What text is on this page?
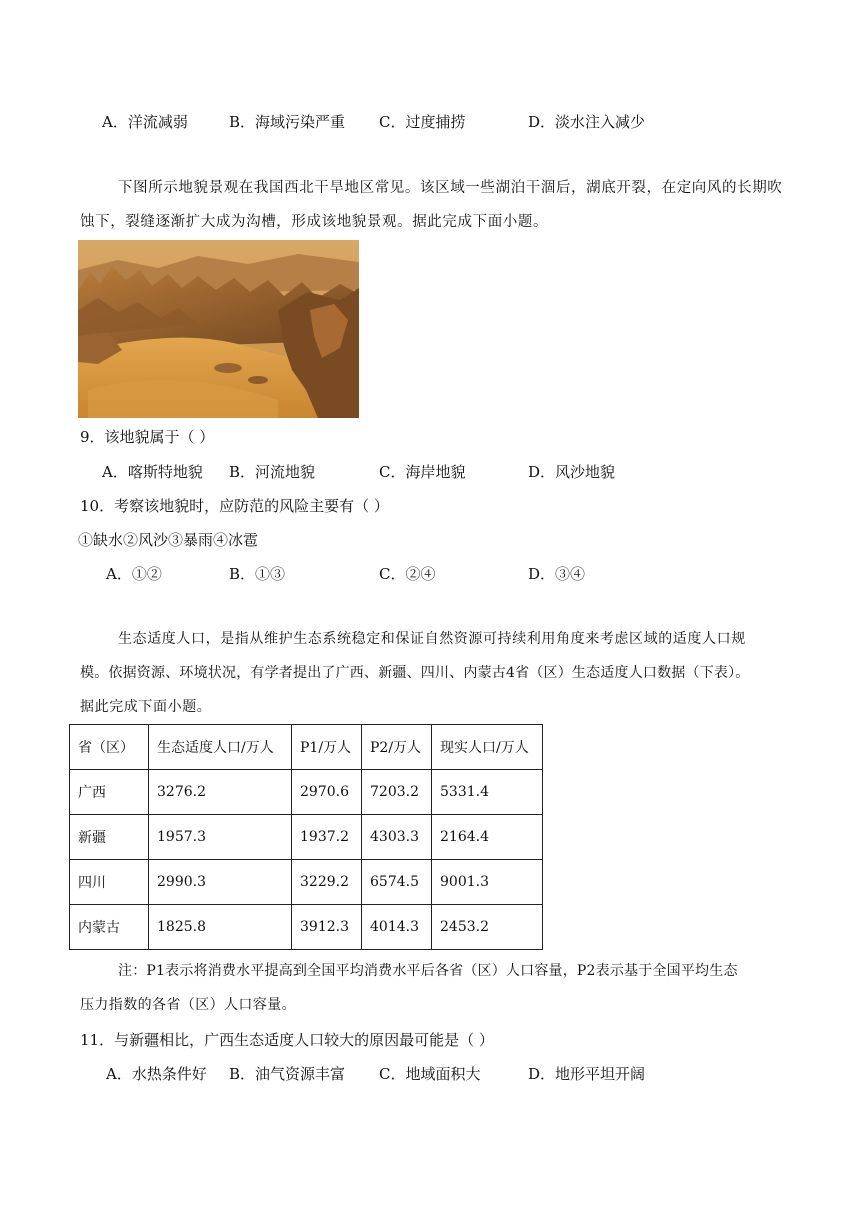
A．洋流减弱	B．海域污染严重 C．过度捕捞	D．淡水注入减少
下图所示地貌景观在我国西北干旱地区常见。该区域一些湖泊干涸后，湖底开裂，在定向风的长期吹
蚀下，裂缝逐渐扩大成为沟槽，形成该地貌景观。据此完成下面小题。
9．该地貌属于（ ）
A．喀斯特地貌 B．河流地貌	C．海岸地貌	D．风沙地貌
10．考察该地貌时，应防范的风险主要有（ ）
①缺水②风沙③暴雨④冰雹
A．①②	B．①③	C．②④	D．③④
生态适度人口，是指从维护生态系统稳定和保证自然资源可持续利用角度来考虑区域的适度人口规
模。依据资源、环境状况，有学者提出了广西、新疆、四川、内蒙古4省（区）生态适度人口数据（下表）。
据此完成下面小题。
省（区）	生态适度人口/万人	P1/万人	P2/万人	现实人口/万人
广西	3276.2	2970.6	7203.2	5331.4
新疆	1957.3	1937.2	4303.3	2164.4
四川	2990.3	3229.2	6574.5	9001.3
内蒙古	1825.8	3912.3	4014.3	2453.2
注：P1表示将消费水平提高到全国平均消费水平后各省（区）人口容量，P2表示基于全国平均生态
压力指数的各省（区）人口容量。
11．与新疆相比，广西生态适度人口较大的原因最可能是（ ）
A．水热条件好 B．油气资源丰富 C．地域面积大	D．地形平坦开阔
